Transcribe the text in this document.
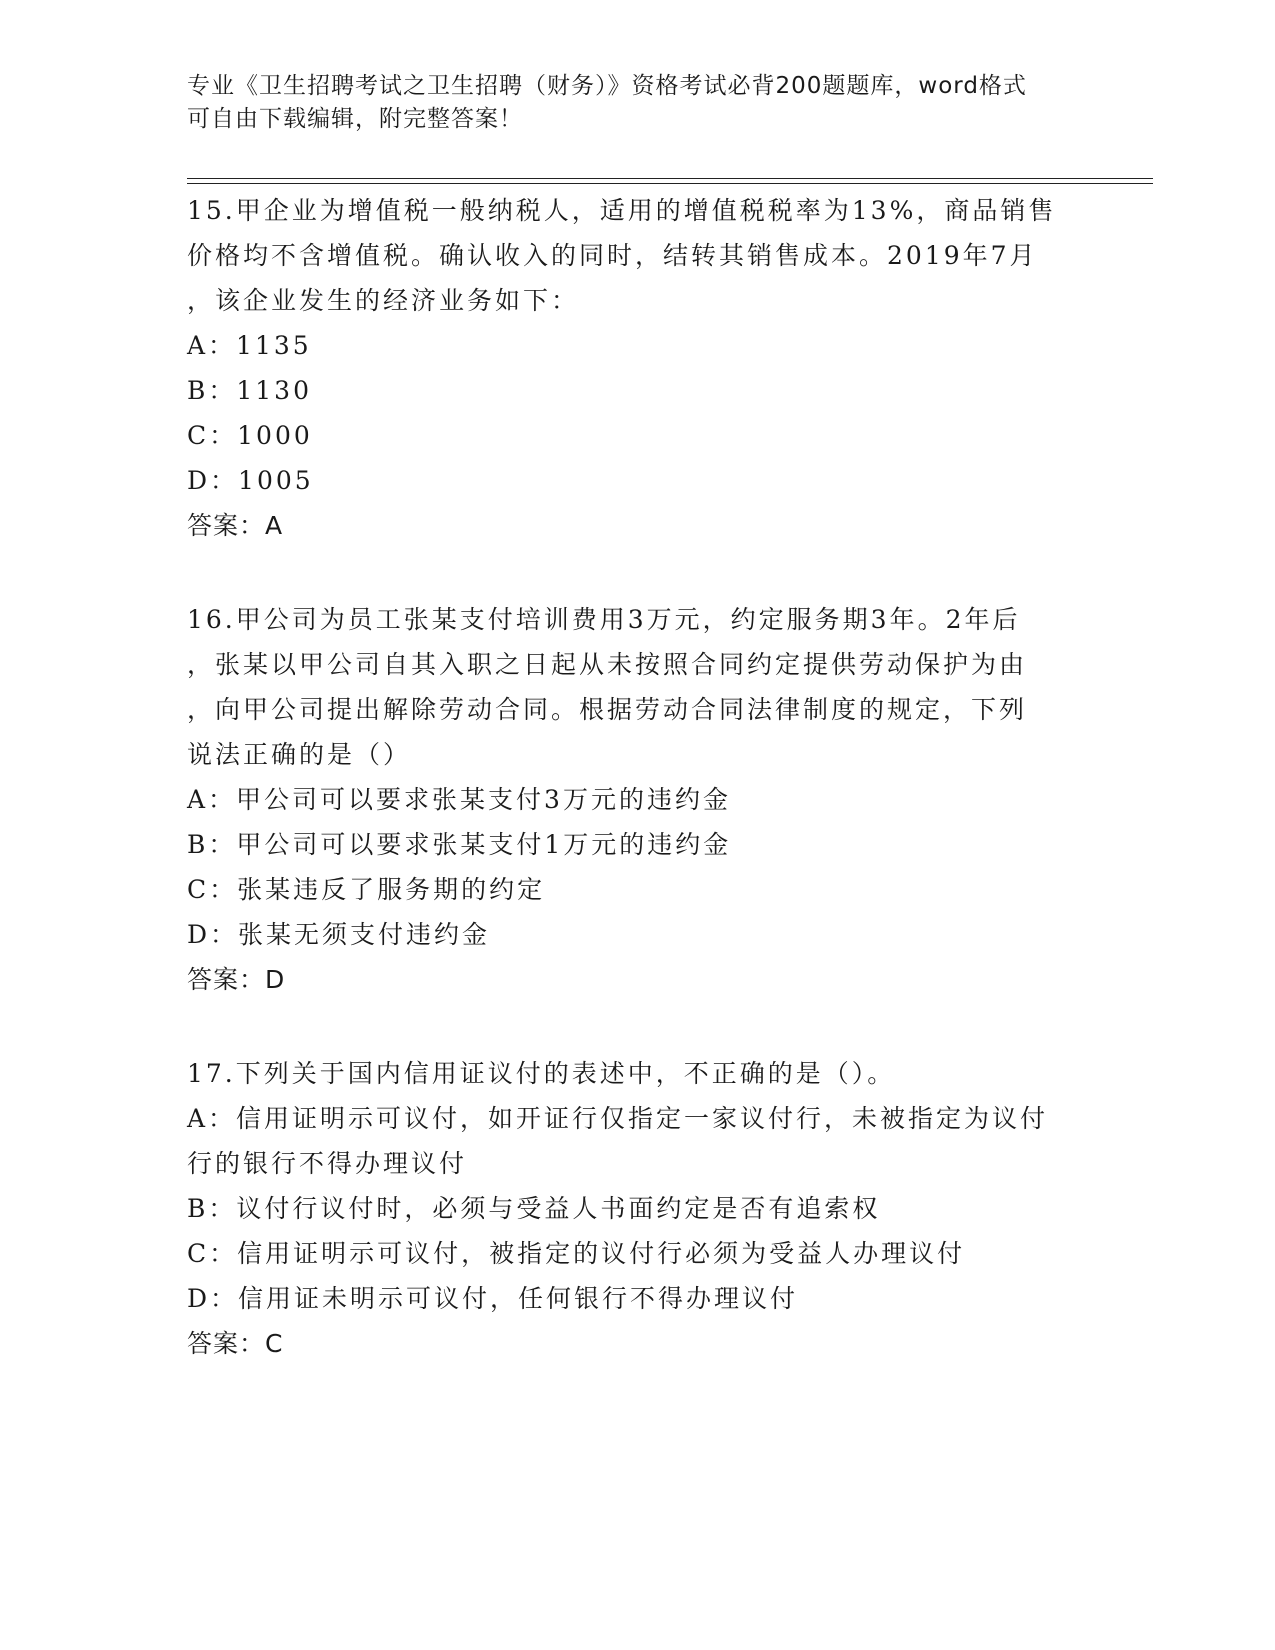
专业《卫生招聘考试之卫生招聘（财务）》资格考试必背200题题库，word格式
可自由下载编辑，附完整答案！

15.甲企业为增值税一般纳税人，适用的增值税税率为13%，商品销售

价格均不含增值税。确认收入的同时，结转其销售成本。2019年7月

，该企业发生的经济业务如下：

A：1135

B：1130

C：1000

D：1005

答案：A

16.甲公司为员工张某支付培训费用3万元，约定服务期3年。2年后

，张某以甲公司自其入职之日起从未按照合同约定提供劳动保护为由

，向甲公司提出解除劳动合同。根据劳动合同法律制度的规定，下列

说法正确的是（）

A：甲公司可以要求张某支付3万元的违约金

B：甲公司可以要求张某支付1万元的违约金

C：张某违反了服务期的约定

D：张某无须支付违约金

答案：D

17.下列关于国内信用证议付的表述中，不正确的是（）。

A：信用证明示可议付，如开证行仅指定一家议付行，未被指定为议付

行的银行不得办理议付

B：议付行议付时，必须与受益人书面约定是否有追索权

C：信用证明示可议付，被指定的议付行必须为受益人办理议付

D：信用证未明示可议付，任何银行不得办理议付

答案：C
